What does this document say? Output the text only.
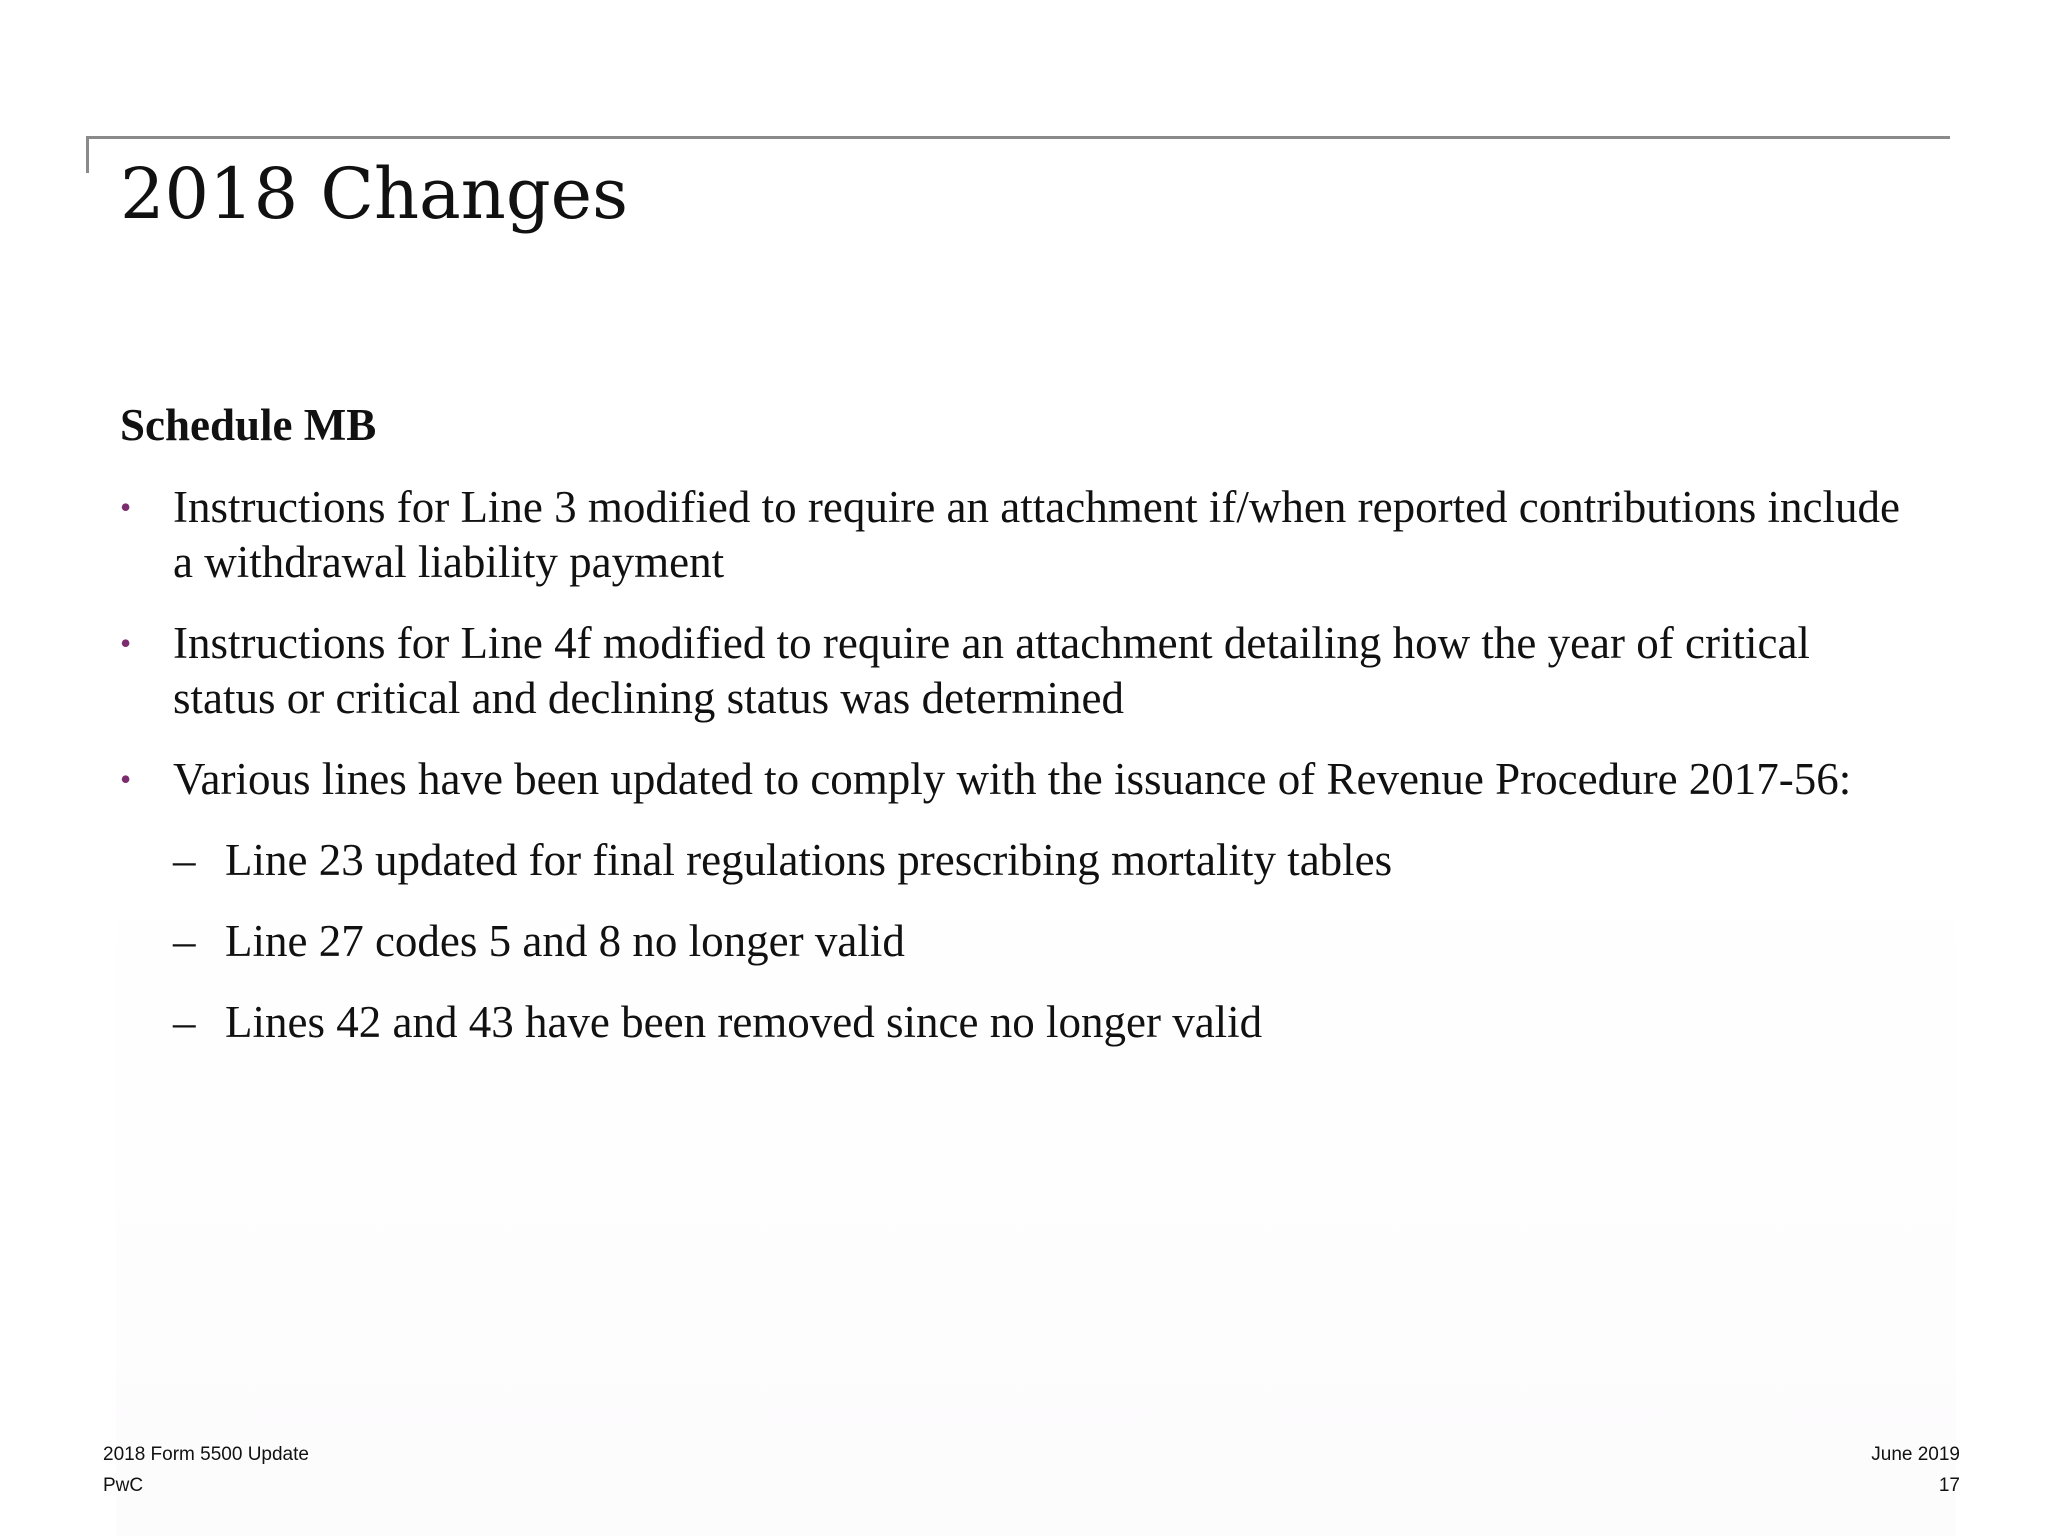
2018 Changes
Schedule MB
• Instructions for Line 3 modified to require an attachment if/when reported contributions include a withdrawal liability payment
• Instructions for Line 4f modified to require an attachment detailing how the year of critical status or critical and declining status was determined
• Various lines have been updated to comply with the issuance of Revenue Procedure 2017-56:
– Line 23 updated for final regulations prescribing mortality tables
– Line 27 codes 5 and 8 no longer valid
– Lines 42 and 43 have been removed since no longer valid
2018 Form 5500 Update
PwC
June 2019
17
